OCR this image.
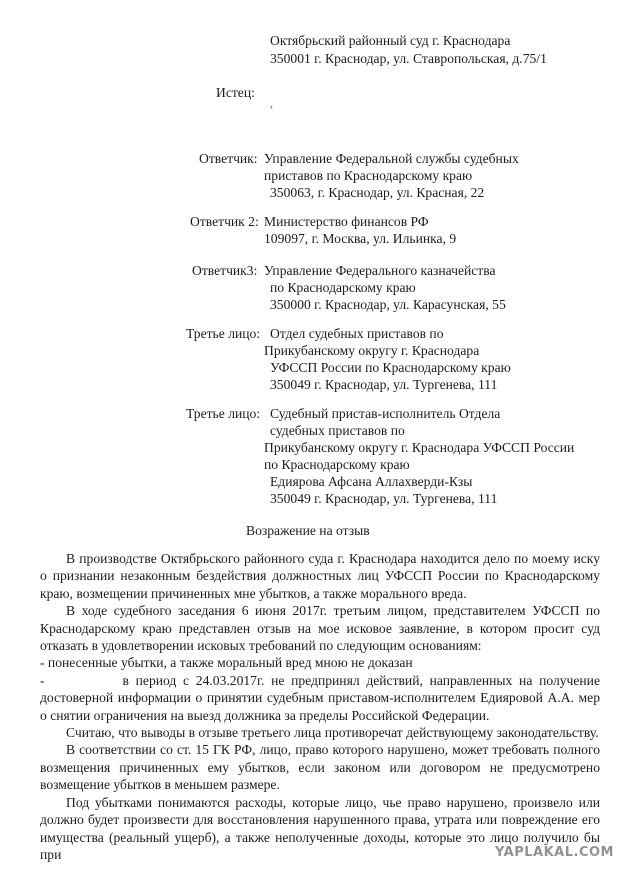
Октябрьский районный суд г. Краснодара
350001 г. Краснодар, ул. Ставропольская, д.75/1
Истец:
,
Ответчик: Управление Федеральной службы судебных
приставов по Краснодарскому краю
350063, г. Краснодар, ул. Красная, 22
Ответчик 2: Министерство финансов РФ
109097, г. Москва, ул. Ильинка, 9
Ответчик3: Управление Федерального казначейства
по Краснодарскому краю
350000 г. Краснодар, ул. Карасунская, 55
Третье лицо: Отдел судебных приставов по
Прикубанскому округу г. Краснодара
УФССП России по Краснодарскому краю
350049 г. Краснодар, ул. Тургенева, 111
Третье лицо: Судебный пристав-исполнитель Отдела
судебных приставов по
Прикубанскому округу г. Краснодара УФССП России
по Краснодарскому краю
Едиярова Афсана Аллахверди-Кзы
350049 г. Краснодар, ул. Тургенева, 111
Возражение на отзыв

В производстве Октябрьского районного суда г. Краснодара находится дело по моему иску о признании незаконным бездействия должностных лиц УФССП России по Краснодарскому краю, возмещении причиненных мне убытков, а также морального вреда.

В ходе судебного заседания 6 июня 2017г. третьим лицом, представителем УФССП по Краснодарскому краю представлен отзыв на мое исковое заявление, в котором просит суд отказать в удовлетворении исковых требований по следующим основаниям:

- понесенные убытки, а также моральный вред мною не доказан

-	в период с 24.03.2017г. не предпринял действий, направленных на получение достоверной информации о принятии судебным приставом-исполнителем Едияровой А.А. мер о снятии ограничения на выезд должника за пределы Российской Федерации.

Считаю, что выводы в отзыве третьего лица противоречат действующему законодательству.

В соответствии со ст. 15 ГК РФ, лицо, право которого нарушено, может требовать полного возмещения причиненных ему убытков, если законом или договором не предусмотрено возмещение убытков в меньшем размере.

Под убытками понимаются расходы, которые лицо, чье право нарушено, произвело или должно будет произвести для восстановления нарушенного права, утрата или повреждение его имущества (реальный ущерб), а также неполученные доходы, которые это лицо получило бы при	YAPLAKAL.COM
